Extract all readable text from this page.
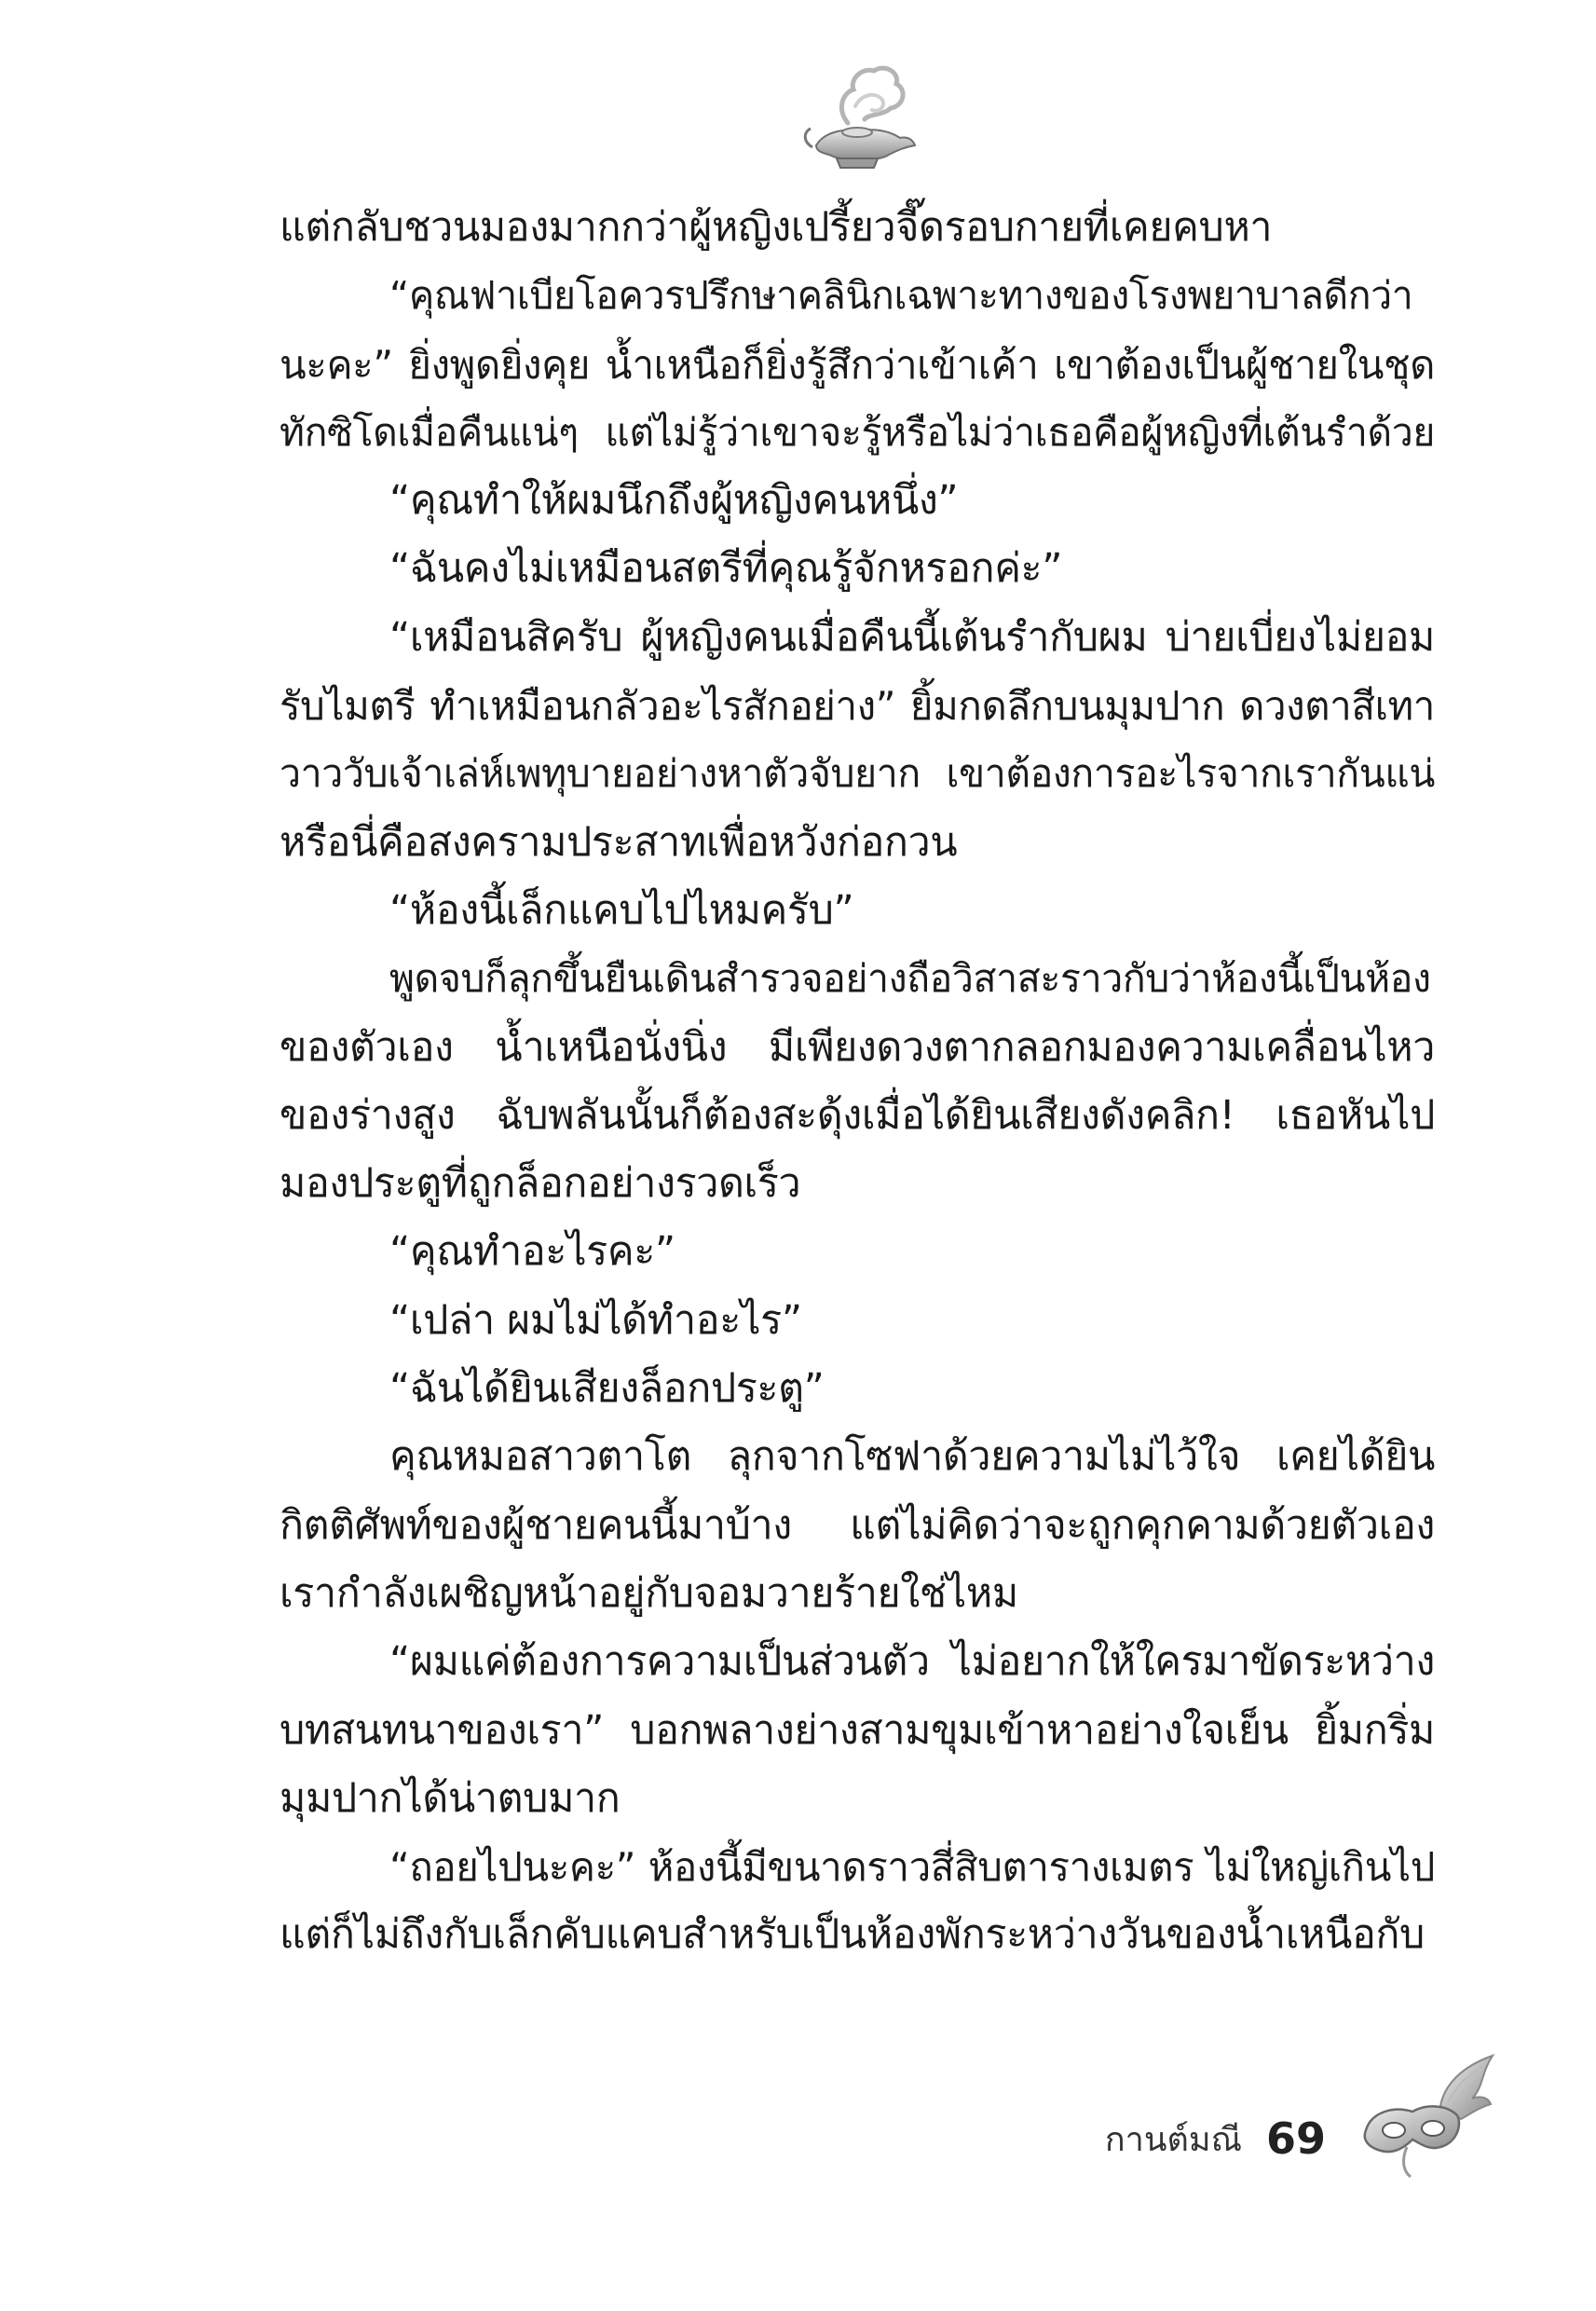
แต่กลับชวนมองมากกว่าผู้หญิงเปรี้ยวจี๊ดรอบกายที่เคยคบหา
“คุณฟาเบียโอควรปรึกษาคลินิกเฉพาะทางของโรงพยาบาลดีกว่า
นะคะ” ยิ่งพูดยิ่งคุย น้ำเหนือก็ยิ่งรู้สึกว่าเข้าเค้า เขาต้องเป็นผู้ชายในชุด
ทักซิโดเมื่อคืนแน่ๆ แต่ไม่รู้ว่าเขาจะรู้หรือไม่ว่าเธอคือผู้หญิงที่เต้นรำด้วย
“คุณทำให้ผมนึกถึงผู้หญิงคนหนึ่ง”
“ฉันคงไม่เหมือนสตรีที่คุณรู้จักหรอกค่ะ”
“เหมือนสิครับ ผู้หญิงคนเมื่อคืนนี้เต้นรำกับผม บ่ายเบี่ยงไม่ยอม
รับไมตรี ทำเหมือนกลัวอะไรสักอย่าง” ยิ้มกดลึกบนมุมปาก ดวงตาสีเทา
วาววับเจ้าเล่ห์เพทุบายอย่างหาตัวจับยาก เขาต้องการอะไรจากเรากันแน่
หรือนี่คือสงครามประสาทเพื่อหวังก่อกวน
“ห้องนี้เล็กแคบไปไหมครับ”
พูดจบก็ลุกขึ้นยืนเดินสำรวจอย่างถือวิสาสะราวกับว่าห้องนี้เป็นห้อง
ของตัวเอง น้ำเหนือนั่งนิ่ง มีเพียงดวงตากลอกมองความเคลื่อนไหว
ของร่างสูง ฉับพลันนั้นก็ต้องสะดุ้งเมื่อได้ยินเสียงดังคลิก! เธอหันไป
มองประตูที่ถูกล็อกอย่างรวดเร็ว
“คุณทำอะไรคะ”
“เปล่า ผมไม่ได้ทำอะไร”
“ฉันได้ยินเสียงล็อกประตู”
คุณหมอสาวตาโต ลุกจากโซฟาด้วยความไม่ไว้ใจ เคยได้ยิน
กิตติศัพท์ของผู้ชายคนนี้มาบ้าง แต่ไม่คิดว่าจะถูกคุกคามด้วยตัวเอง
เรากำลังเผชิญหน้าอยู่กับจอมวายร้ายใช่ไหม
“ผมแค่ต้องการความเป็นส่วนตัว ไม่อยากให้ใครมาขัดระหว่าง
บทสนทนาของเรา” บอกพลางย่างสามขุมเข้าหาอย่างใจเย็น ยิ้มกริ่ม
มุมปากได้น่าตบมาก
“ถอยไปนะคะ” ห้องนี้มีขนาดราวสี่สิบตารางเมตร ไม่ใหญ่เกินไป
แต่ก็ไม่ถึงกับเล็กคับแคบสำหรับเป็นห้องพักระหว่างวันของน้ำเหนือกับ
กานต์มณี 69
